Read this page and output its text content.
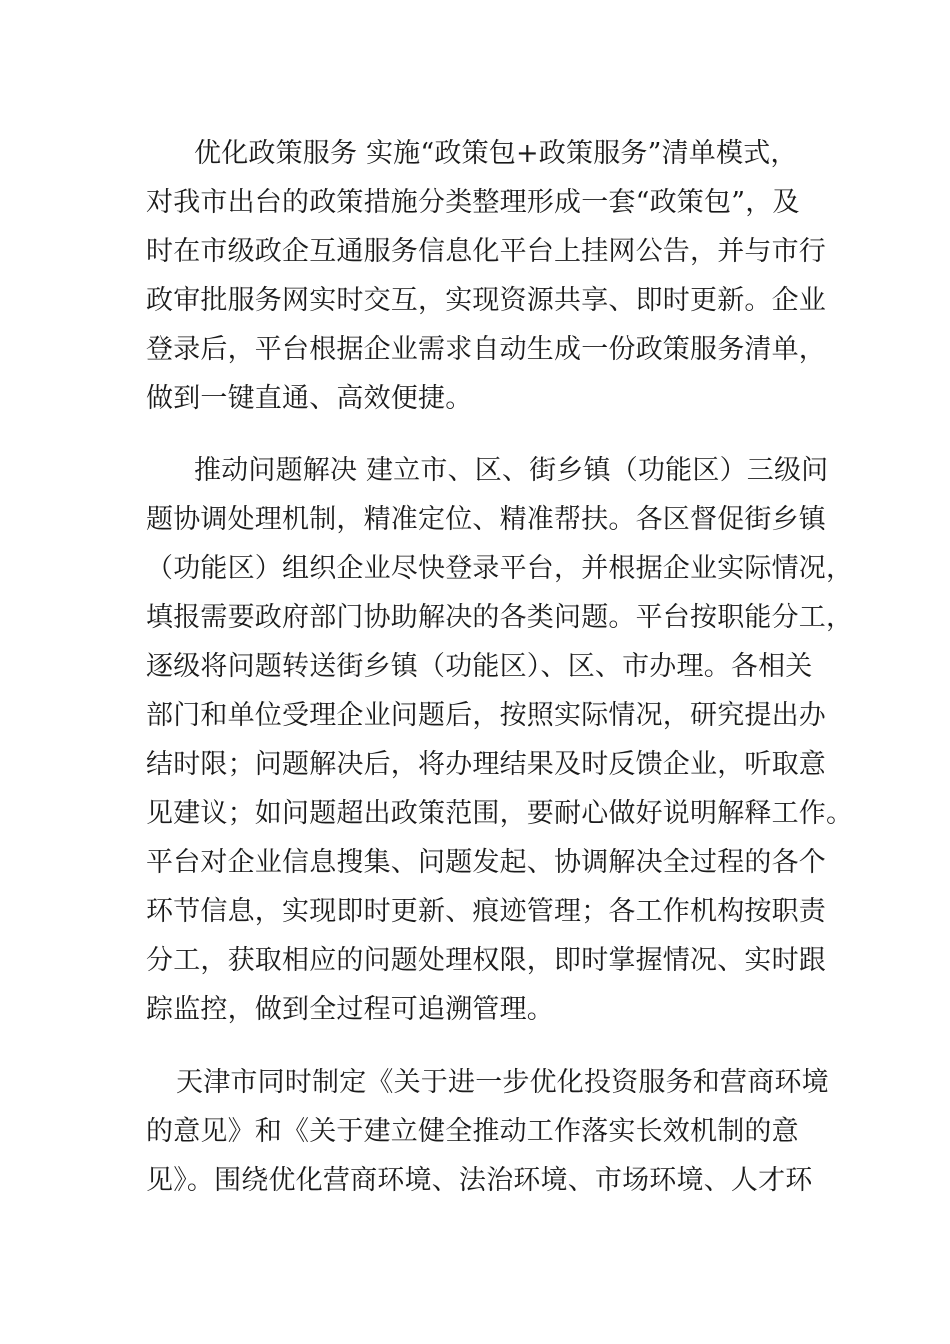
优化政策服务 实施“政策包+政策服务”清单模式，
对我市出台的政策措施分类整理形成一套“政策包”，及
时在市级政企互通服务信息化平台上挂网公告，并与市行
政审批服务网实时交互，实现资源共享、即时更新。企业
登录后，平台根据企业需求自动生成一份政策服务清单，
做到一键直通、高效便捷。
推动问题解决 建立市、区、街乡镇（功能区）三级问
题协调处理机制，精准定位、精准帮扶。各区督促街乡镇
（功能区）组织企业尽快登录平台，并根据企业实际情况，
填报需要政府部门协助解决的各类问题。平台按职能分工，
逐级将问题转送街乡镇（功能区）、区、市办理。各相关
部门和单位受理企业问题后，按照实际情况，研究提出办
结时限；问题解决后，将办理结果及时反馈企业，听取意
见建议；如问题超出政策范围，要耐心做好说明解释工作。
平台对企业信息搜集、问题发起、协调解决全过程的各个
环节信息，实现即时更新、痕迹管理；各工作机构按职责
分工，获取相应的问题处理权限，即时掌握情况、实时跟
踪监控，做到全过程可追溯管理。
天津市同时制定《关于进一步优化投资服务和营商环境
的意见》和《关于建立健全推动工作落实长效机制的意
见》。围绕优化营商环境、法治环境、市场环境、人才环
